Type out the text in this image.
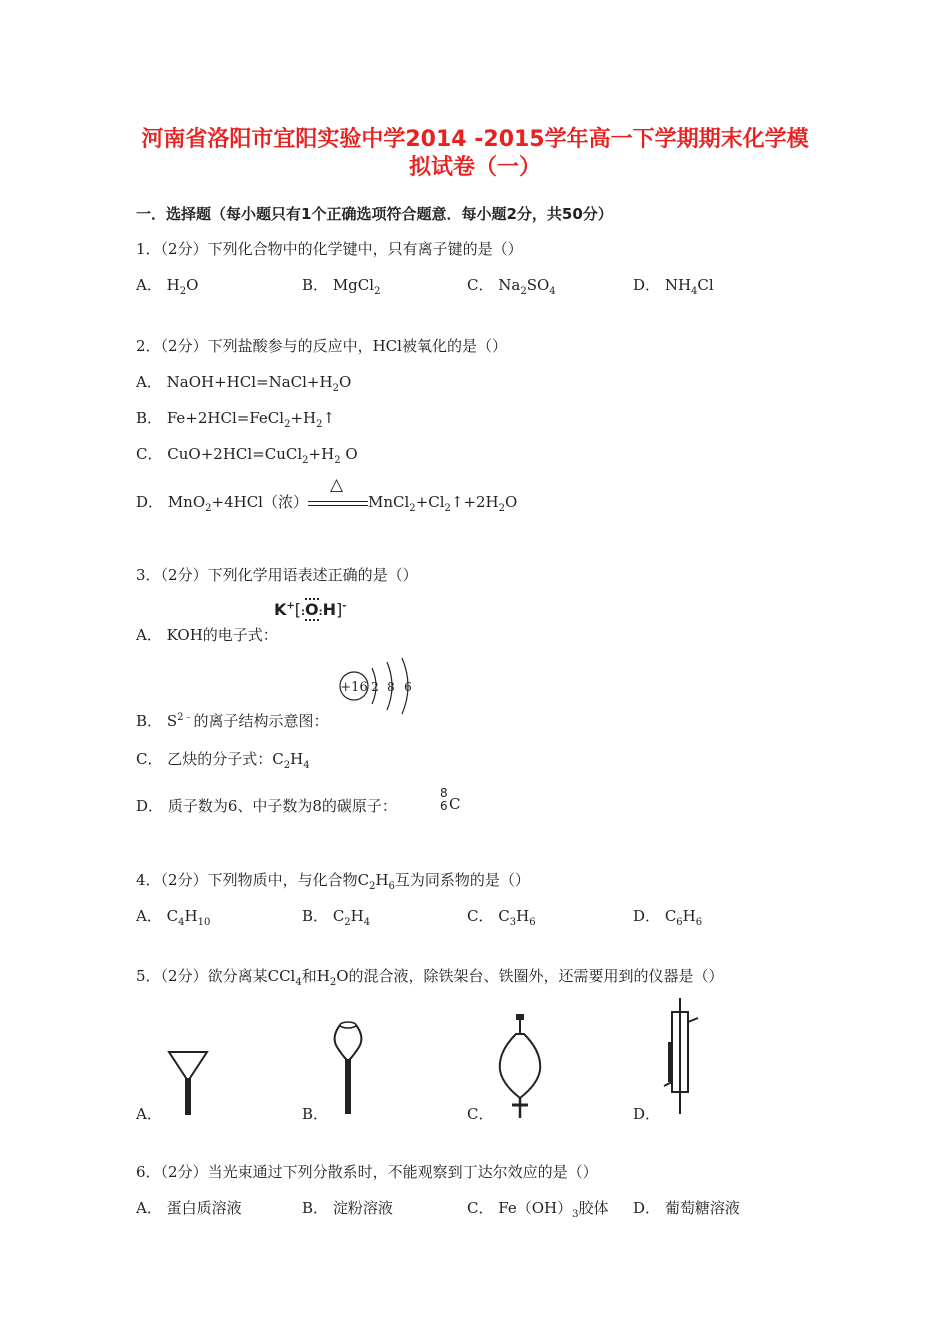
河南省洛阳市宜阳实验中学2014 -2015学年高一下学期期末化学模
拟试卷（一）
一．选择题（每小题只有1个正确选项符合题意．每小题2分，共50分）
1．（2分）下列化合物中的化学键中，只有离子键的是（）
A． $H_2O$	B． MgCl$_2$	C． $Na_2SO_4$	D． $NH_4Cl$
2．（2分）下列盐酸参与的反应中，HCl被氧化的是（）
A． $NaOH+HCl=NaCl+H_2O$
B． $Fe+2HCl=FeCl_2+H_2↑$
C． $CuO+2HCl=CuCl_2+H_2$ O
D． MnO$_2$+4HCl（浓）
△
$MnCl_2+Cl_2↑+2H_2O$
3．（2分）下列化学用语表述正确的是（）
K+[:O:H]-
A． KOH的电子式：
+16 2 8 6
B． $S^{2﹣}$的离子结构示意图：
C． 乙炔的分子式：$C_2H_4$
D． 质子数为6、中子数为8的碳原子：
8
6 C
4．（2分）下列物质中，与化合物$C_2H_6$互为同系物的是（）
A． $C_4H_{10}$	B． $C_2H_4$	C． $C_3H_6$	D． $C_6H_6$
5．（2分）欲分离某CCl$_4$和$H_2O$的混合液，除铁架台、铁圈外，还需要用到的仪器是（）
A．	B．	C．	D．
6．（2分）当光束通过下列分散系时，不能观察到丁达尔效应的是（）
A． 蛋白质溶液	B． 淀粉溶液	C． $Fe(OH)_3$胶体 D． 葡萄糖溶液
